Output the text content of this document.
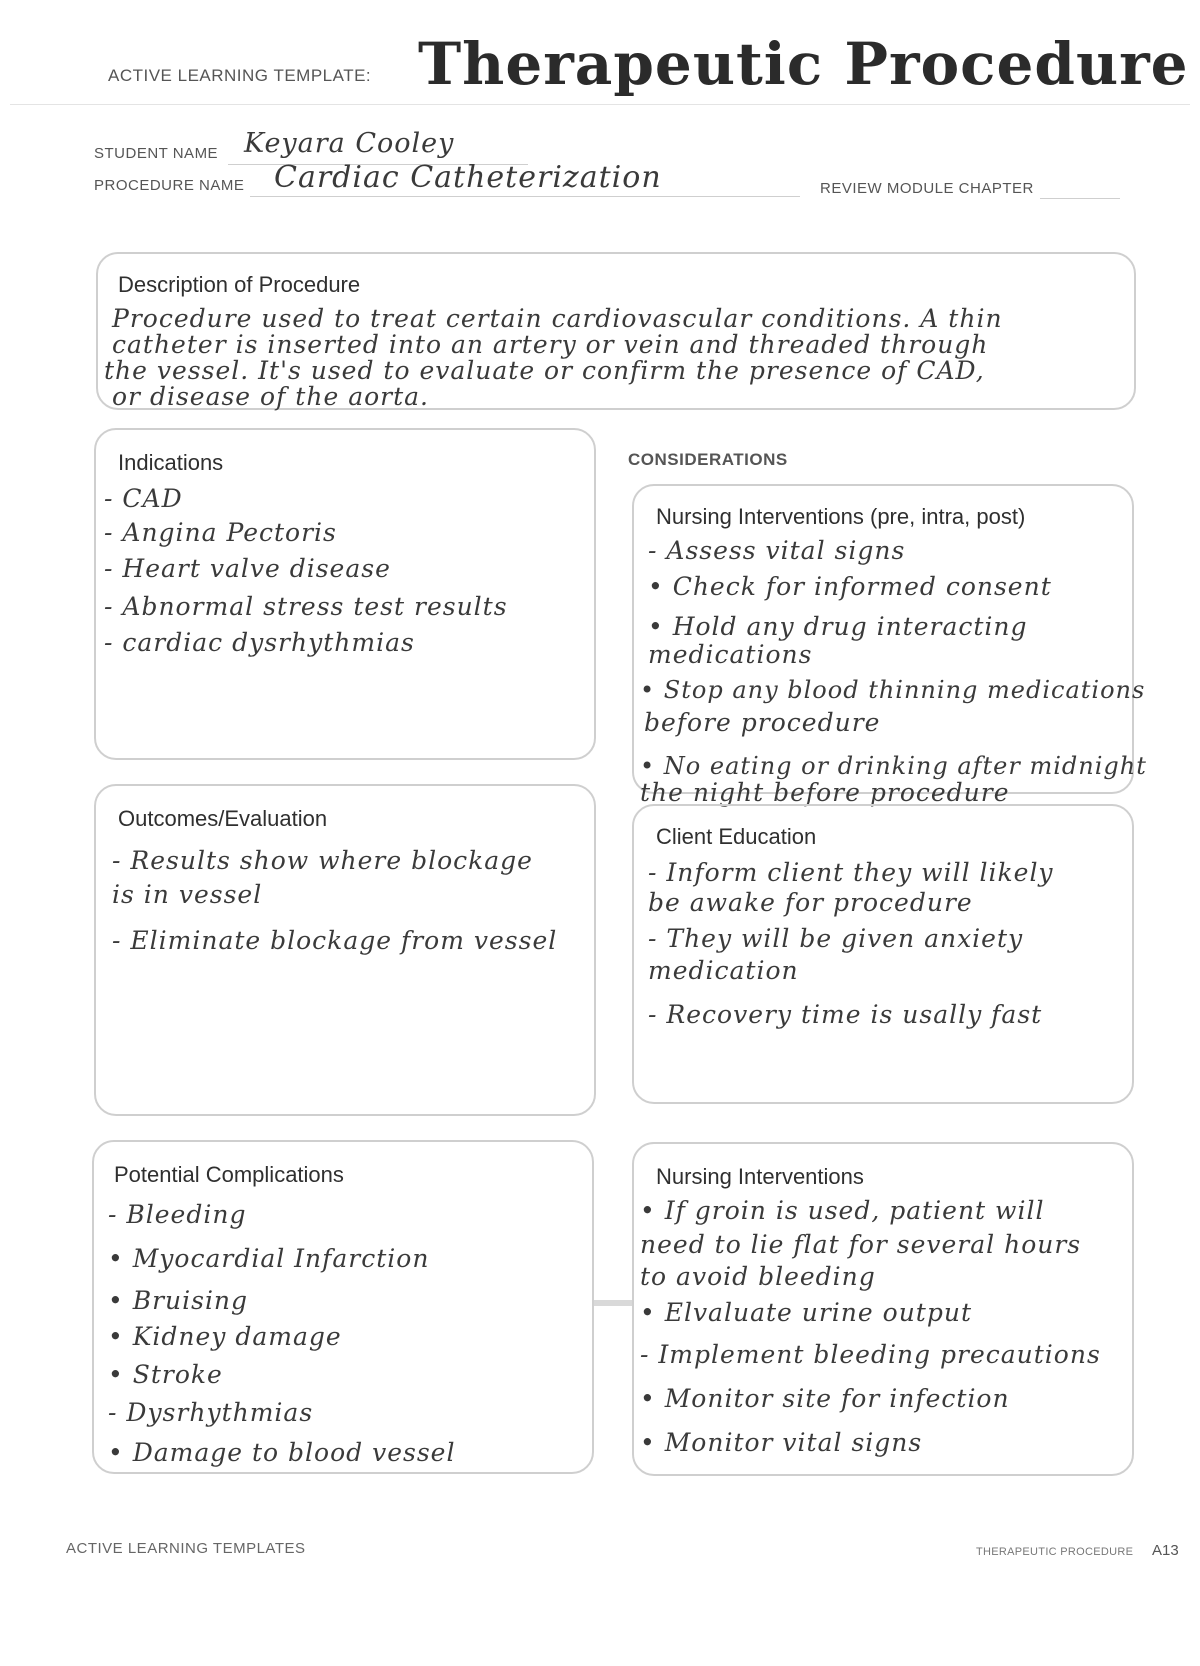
ACTIVE LEARNING TEMPLATE: Therapeutic Procedure
STUDENT NAME Keyara Cooley
PROCEDURE NAME Cardiac Catheterization	REVIEW MODULE CHAPTER
Description of Procedure
Procedure used to treat certain cardiovascular conditions. A thin
catheter is inserted into an artery or vein and threaded through
the vessel. It's used to evaluate or confirm the presence of CAD,
or disease of the aorta.
Indications
- CAD
- Angina Pectoris
- Heart valve disease
- Abnormal stress test results
- cardiac dysrhythmias
CONSIDERATIONS
Nursing Interventions (pre, intra, post)
- Assess vital signs
• Check for informed consent
• Hold any drug interacting
medications
• Stop any blood thinning medications
before procedure
• No eating or drinking after midnight
the night before procedure
Outcomes/Evaluation
- Results show where blockage
is in vessel
- Eliminate blockage from vessel
Client Education
- Inform client they will likely
be awake for procedure
- They will be given anxiety
medication
- Recovery time is usally fast
Potential Complications
- Bleeding
• Myocardial Infarction
• Bruising
• Kidney damage
• Stroke
- Dysrhythmias
• Damage to blood vessel
Nursing Interventions
• If groin is used, patient will
need to lie flat for several hours
to avoid bleeding
• Elvaluate urine output
- Implement bleeding precautions
• Monitor site for infection
• Monitor vital signs
ACTIVE LEARNING TEMPLATES	THERAPEUTIC PROCEDURE A13
